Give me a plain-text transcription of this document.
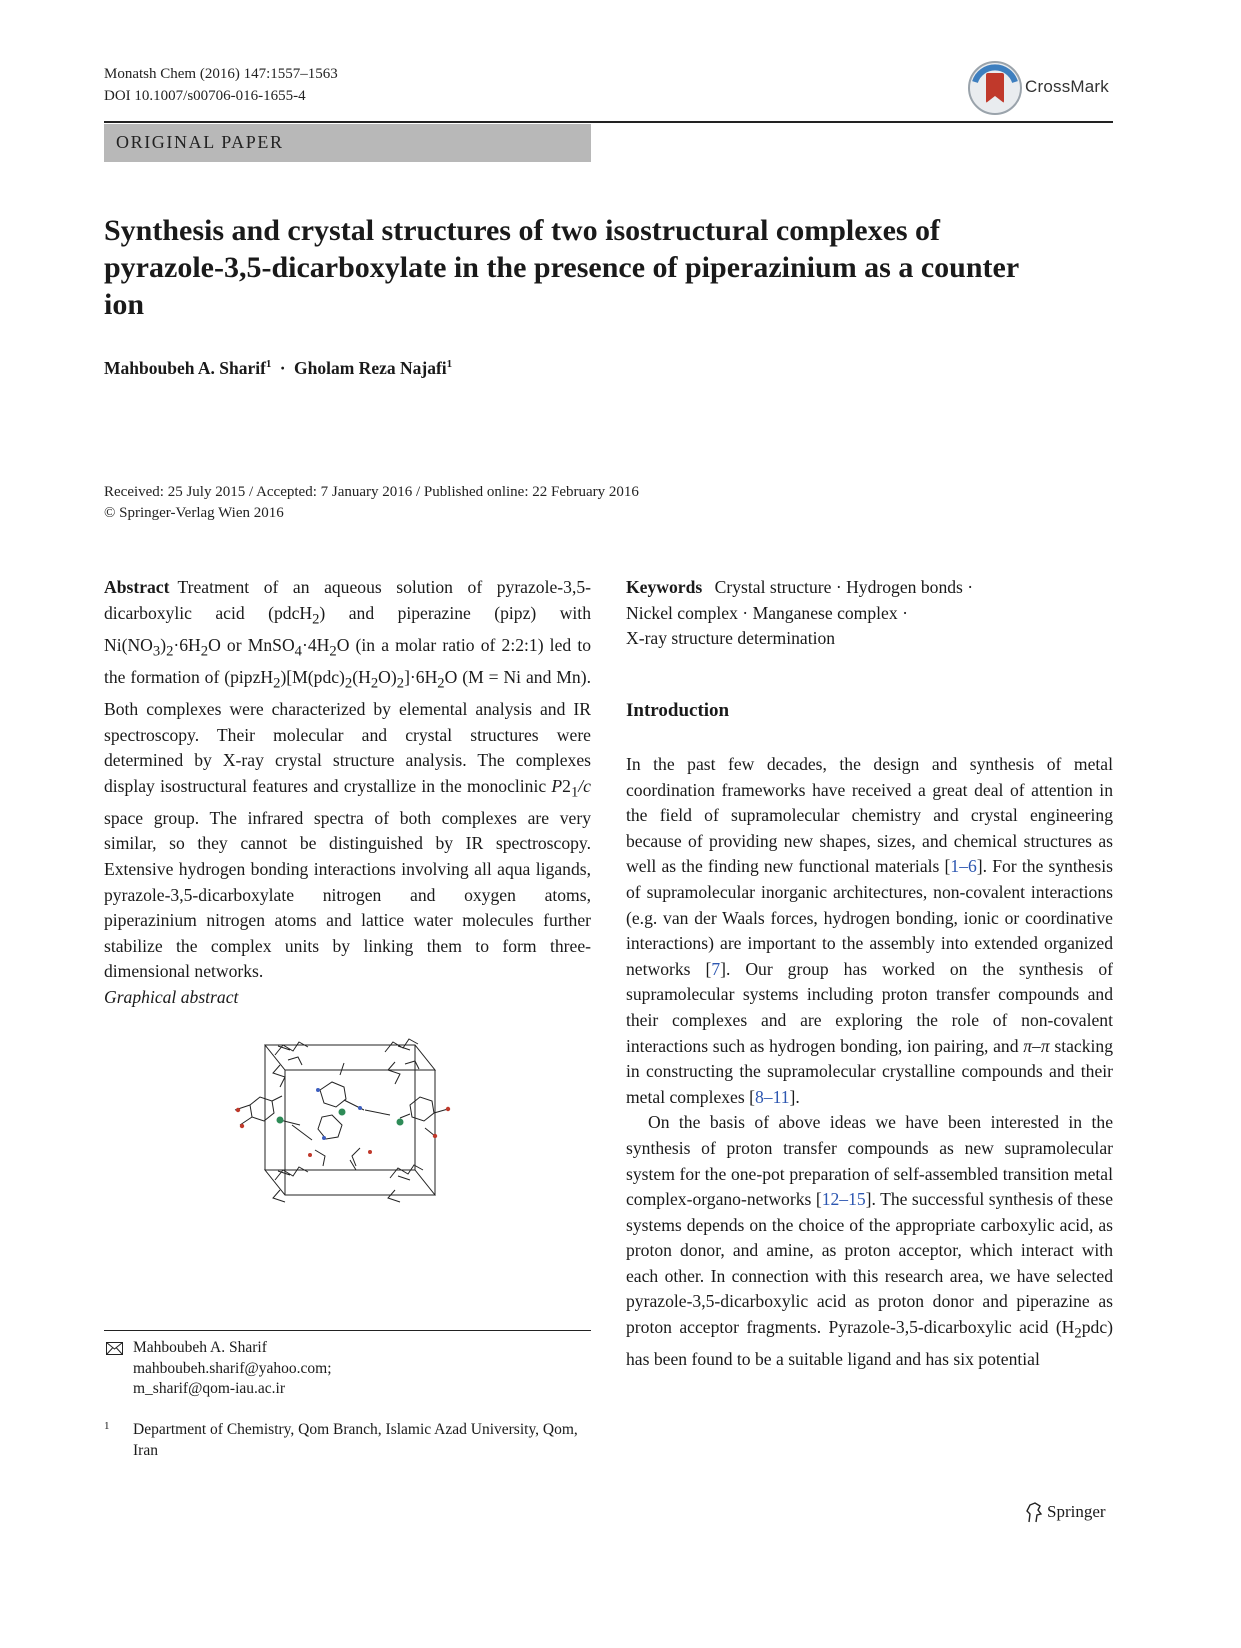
Monatsh Chem (2016) 147:1557–1563
DOI 10.1007/s00706-016-1655-4	CrossMark
ORIGINAL PAPER
Synthesis and crystal structures of two isostructural complexes of pyrazole-3,5-dicarboxylate in the presence of piperazinium as a counter ion
Mahboubeh A. Sharif$^1$ · Gholam Reza Najafi$^1$
Received: 25 July 2015 / Accepted: 7 January 2016 / Published online: 22 February 2016
© Springer-Verlag Wien 2016

Abstract Treatment of an aqueous solution of pyrazole-3,5-dicarboxylic acid (pdcH$_2$) and piperazine (pipz) with $Ni(NO_3)_2\cdot 6H_2O$ or $MnSO_4\cdot 4H_2O$ (in a molar ratio of 2:2:1) led to the formation of $(pipzH_2)[M(pdc)_2(H_2O)_2]\cdot 6H_2O$ (M = Ni and Mn). Both complexes were characterized by elemental analysis and IR spectroscopy. Their molecular and crystal structures were determined by X-ray crystal structure analysis. The complexes display isostructural features and crystallize in the monoclinic $P2_1/c$ space group. The infrared spectra of both complexes are very similar, so they cannot be distinguished by IR spectroscopy. Extensive hydrogen bonding interactions involving all aqua ligands, pyrazole-3,5-dicarboxylate nitrogen and oxygen atoms, piperazinium nitrogen atoms and lattice water molecules further stabilize the complex units by linking them to form three-dimensional networks.
Graphical abstract

Keywords Crystal structure · Hydrogen bonds ·
Nickel complex · Manganese complex ·
X-ray structure determination
Introduction

In the past few decades, the design and synthesis of metal coordination frameworks have received a great deal of attention in the field of supramolecular chemistry and crystal engineering because of providing new shapes, sizes, and chemical structures as well as the finding new functional materials [1–6]. For the synthesis of supramolecular inorganic architectures, non-covalent interactions (e.g. van der Waals forces, hydrogen bonding, ionic or coordinative interactions) are important to the assembly into extended organized networks [7]. Our group has worked on the synthesis of supramolecular systems including proton transfer compounds and their complexes and are exploring the role of non-covalent interactions such as hydrogen bonding, ion pairing, and π–π stacking in constructing the supramolecular crystalline compounds and their metal complexes [8–11].

On the basis of above ideas we have been interested in the synthesis of proton transfer compounds as new supramolecular system for the one-pot preparation of self-assembled transition metal complex-organo-networks [12–15]. The successful synthesis of these systems depends on the choice of the appropriate carboxylic acid, as proton donor, and amine, as proton acceptor, which interact with each other. In connection with this research area, we have selected pyrazole-3,5-dicarboxylic acid as proton donor and piperazine as proton acceptor fragments. Pyrazole-3,5-dicarboxylic acid $(H_2pdc)$ has been found to be a suitable ligand and has six potential

Mahboubeh A. Sharif
mahboubeh.sharif@yahoo.com;
m_sharif@qom-iau.ac.ir
1 Department of Chemistry, Qom Branch, Islamic Azad University, Qom, Iran
Springer
